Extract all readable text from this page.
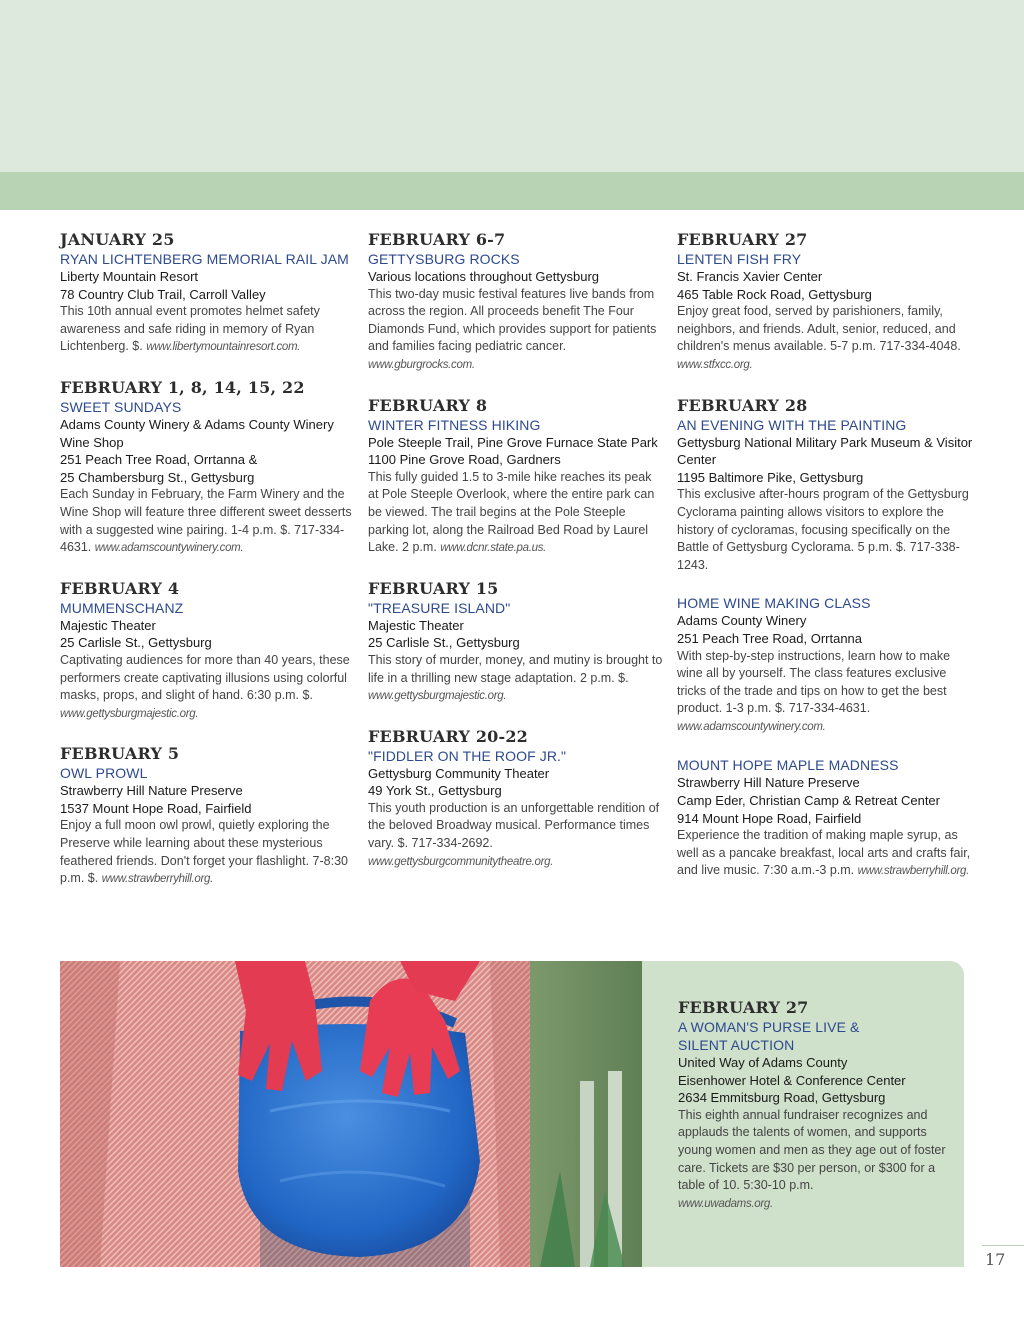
JANUARY 25
RYAN LICHTENBERG MEMORIAL RAIL JAM
Liberty Mountain Resort
78 Country Club Trail, Carroll Valley
This 10th annual event promotes helmet safety awareness and safe riding in memory of Ryan Lichtenberg. $. www.libertymountainresort.com.
FEBRUARY 1, 8, 14, 15, 22
SWEET SUNDAYS
Adams County Winery & Adams County Winery Wine Shop
251 Peach Tree Road, Orrtanna &
25 Chambersburg St., Gettysburg
Each Sunday in February, the Farm Winery and the Wine Shop will feature three different sweet desserts with a suggested wine pairing. 1-4 p.m. $. 717-334-4631. www.adamscountywinery.com.
FEBRUARY 4
MUMMENSCHANZ
Majestic Theater
25 Carlisle St., Gettysburg
Captivating audiences for more than 40 years, these performers create captivating illusions using colorful masks, props, and slight of hand. 6:30 p.m. $. www.gettysburgmajestic.org.
FEBRUARY 5
OWL PROWL
Strawberry Hill Nature Preserve
1537 Mount Hope Road, Fairfield
Enjoy a full moon owl prowl, quietly exploring the Preserve while learning about these mysterious feathered friends. Don't forget your flashlight. 7-8:30 p.m. $. www.strawberryhill.org.
FEBRUARY 6-7
GETTYSBURG ROCKS
Various locations throughout Gettysburg
This two-day music festival features live bands from across the region. All proceeds benefit The Four Diamonds Fund, which provides support for patients and families facing pediatric cancer. www.gburgrocks.com.
FEBRUARY 8
WINTER FITNESS HIKING
Pole Steeple Trail, Pine Grove Furnace State Park
1100 Pine Grove Road, Gardners
This fully guided 1.5 to 3-mile hike reaches its peak at Pole Steeple Overlook, where the entire park can be viewed. The trail begins at the Pole Steeple parking lot, along the Railroad Bed Road by Laurel Lake. 2 p.m. www.dcnr.state.pa.us.
FEBRUARY 15
"TREASURE ISLAND"
Majestic Theater
25 Carlisle St., Gettysburg
This story of murder, money, and mutiny is brought to life in a thrilling new stage adaptation. 2 p.m. $. www.gettysburgmajestic.org.
FEBRUARY 20-22
"FIDDLER ON THE ROOF JR."
Gettysburg Community Theater
49 York St., Gettysburg
This youth production is an unforgettable rendition of the beloved Broadway musical. Performance times vary. $. 717-334-2692. www.gettysburgcommunitytheatre.org.
FEBRUARY 27
LENTEN FISH FRY
St. Francis Xavier Center
465 Table Rock Road, Gettysburg
Enjoy great food, served by parishioners, family, neighbors, and friends. Adult, senior, reduced, and children's menus available. 5-7 p.m. 717-334-4048. www.stfxcc.org.
FEBRUARY 28
AN EVENING WITH THE PAINTING
Gettysburg National Military Park Museum & Visitor Center
1195 Baltimore Pike, Gettysburg
This exclusive after-hours program of the Gettysburg Cyclorama painting allows visitors to explore the history of cycloramas, focusing specifically on the Battle of Gettysburg Cyclorama. 5 p.m. $. 717-338-1243.
HOME WINE MAKING CLASS
Adams County Winery
251 Peach Tree Road, Orrtanna
With step-by-step instructions, learn how to make wine all by yourself. The class features exclusive tricks of the trade and tips on how to get the best product. 1-3 p.m. $. 717-334-4631. www.adamscountywinery.com.
MOUNT HOPE MAPLE MADNESS
Strawberry Hill Nature Preserve
Camp Eder, Christian Camp & Retreat Center
914 Mount Hope Road, Fairfield
Experience the tradition of making maple syrup, as well as a pancake breakfast, local arts and crafts fair, and live music. 7:30 a.m.-3 p.m. www.strawberryhill.org.
FEBRUARY 27
A WOMAN'S PURSE LIVE &
SILENT AUCTION
United Way of Adams County
Eisenhower Hotel & Conference Center
2634 Emmitsburg Road, Gettysburg
This eighth annual fundraiser recognizes and applauds the talents of women, and supports young women and men as they age out of foster care. Tickets are $30 per person, or $300 for a table of 10. 5:30-10 p.m.
www.uwadams.org.
17
